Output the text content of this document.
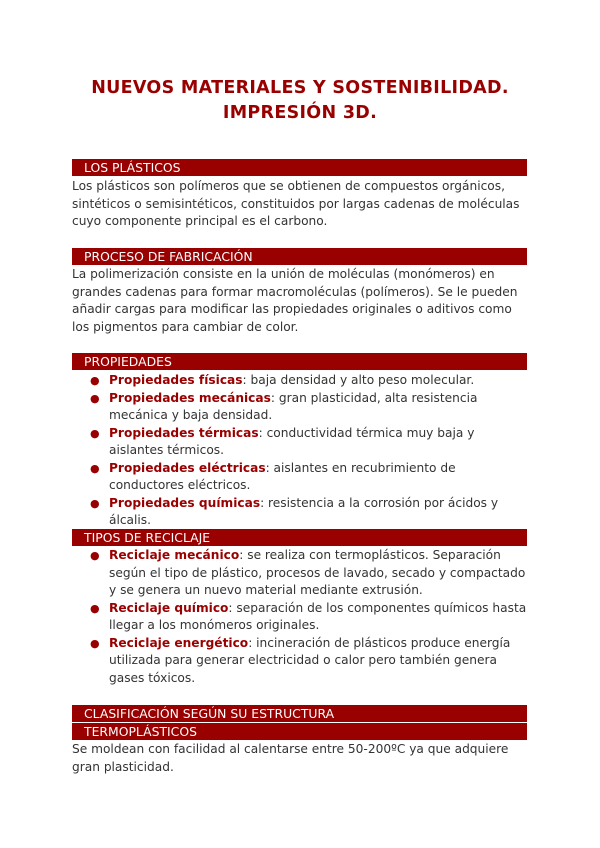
NUEVOS MATERIALES Y SOSTENIBILIDAD.
IMPRESIÓN 3D.
LOS PLÁSTICOS
Los plásticos son polímeros que se obtienen de compuestos orgánicos, sintéticos o semisintéticos, constituidos por largas cadenas de moléculas cuyo componente principal es el carbono.
PROCESO DE FABRICACIÓN
La polimerización consiste en la unión de moléculas (monómeros) en grandes cadenas para formar macromoléculas (polímeros). Se le pueden añadir cargas para modificar las propiedades originales o aditivos como los pigmentos para cambiar de color.
PROPIEDADES
● Propiedades físicas: baja densidad y alto peso molecular.
● Propiedades mecánicas: gran plasticidad, alta resistencia mecánica y baja densidad.
● Propiedades térmicas: conductividad térmica muy baja y aislantes térmicos.
● Propiedades eléctricas: aislantes en recubrimiento de conductores eléctricos.
● Propiedades químicas: resistencia a la corrosión por ácidos y álcalis.
TIPOS DE RECICLAJE
● Reciclaje mecánico: se realiza con termoplásticos. Separación según el tipo de plástico, procesos de lavado, secado y compactado y se genera un nuevo material mediante extrusión.
● Reciclaje químico: separación de los componentes químicos hasta llegar a los monómeros originales.
● Reciclaje energético: incineración de plásticos produce energía utilizada para generar electricidad o calor pero también genera gases tóxicos.
CLASIFICACIÓN SEGÚN SU ESTRUCTURA
TERMOPLÁSTICOS
Se moldean con facilidad al calentarse entre 50-200ºC ya que adquiere gran plasticidad.
